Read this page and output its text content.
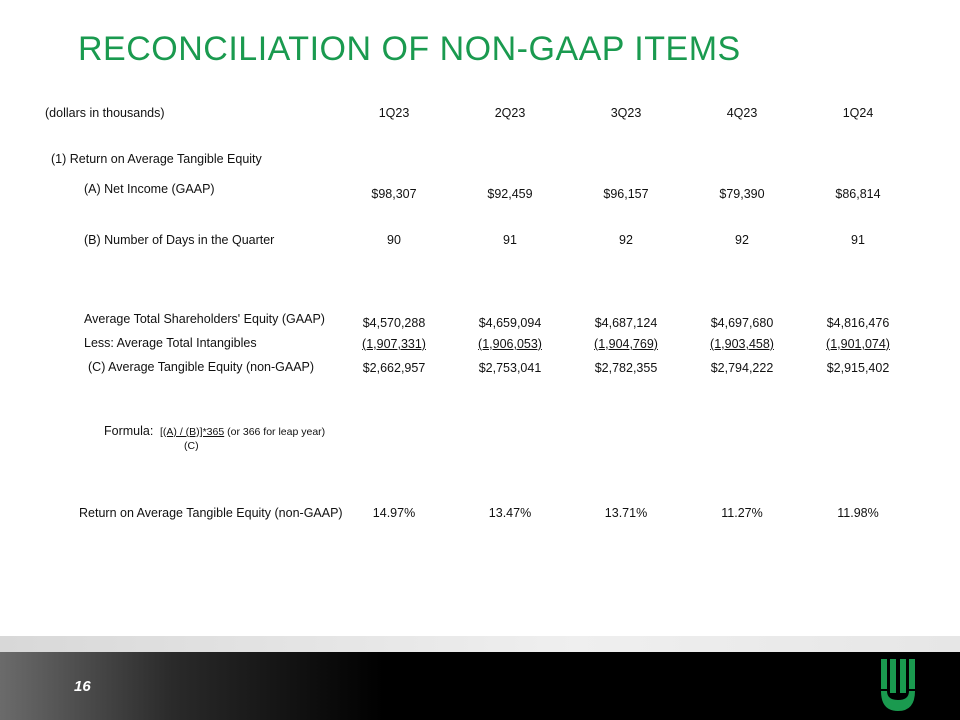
RECONCILIATION OF NON-GAAP ITEMS
(dollars in thousands)	1Q23	2Q23	3Q23	4Q23	1Q24
(1) Return on Average Tangible Equity
(A) Net Income (GAAP)	$98,307	$92,459	$96,157	$79,390	$86,814
(B) Number of Days in the Quarter	90	91	92	92	91
Average Total Shareholders' Equity (GAAP)	$4,570,288	$4,659,094	$4,687,124	$4,697,680	$4,816,476
Less: Average Total Intangibles	(1,907,331)	(1,906,053)	(1,904,769)	(1,903,458)	(1,901,074)
(C) Average Tangible Equity (non-GAAP)	$2,662,957	$2,753,041	$2,782,355	$2,794,222	$2,915,402
Formula: [(A) / (B)]*365 (or 366 for leap year)
(C)
Return on Average Tangible Equity (non-GAAP)	14.97%	13.47%	13.71%	11.27%	11.98%
16
